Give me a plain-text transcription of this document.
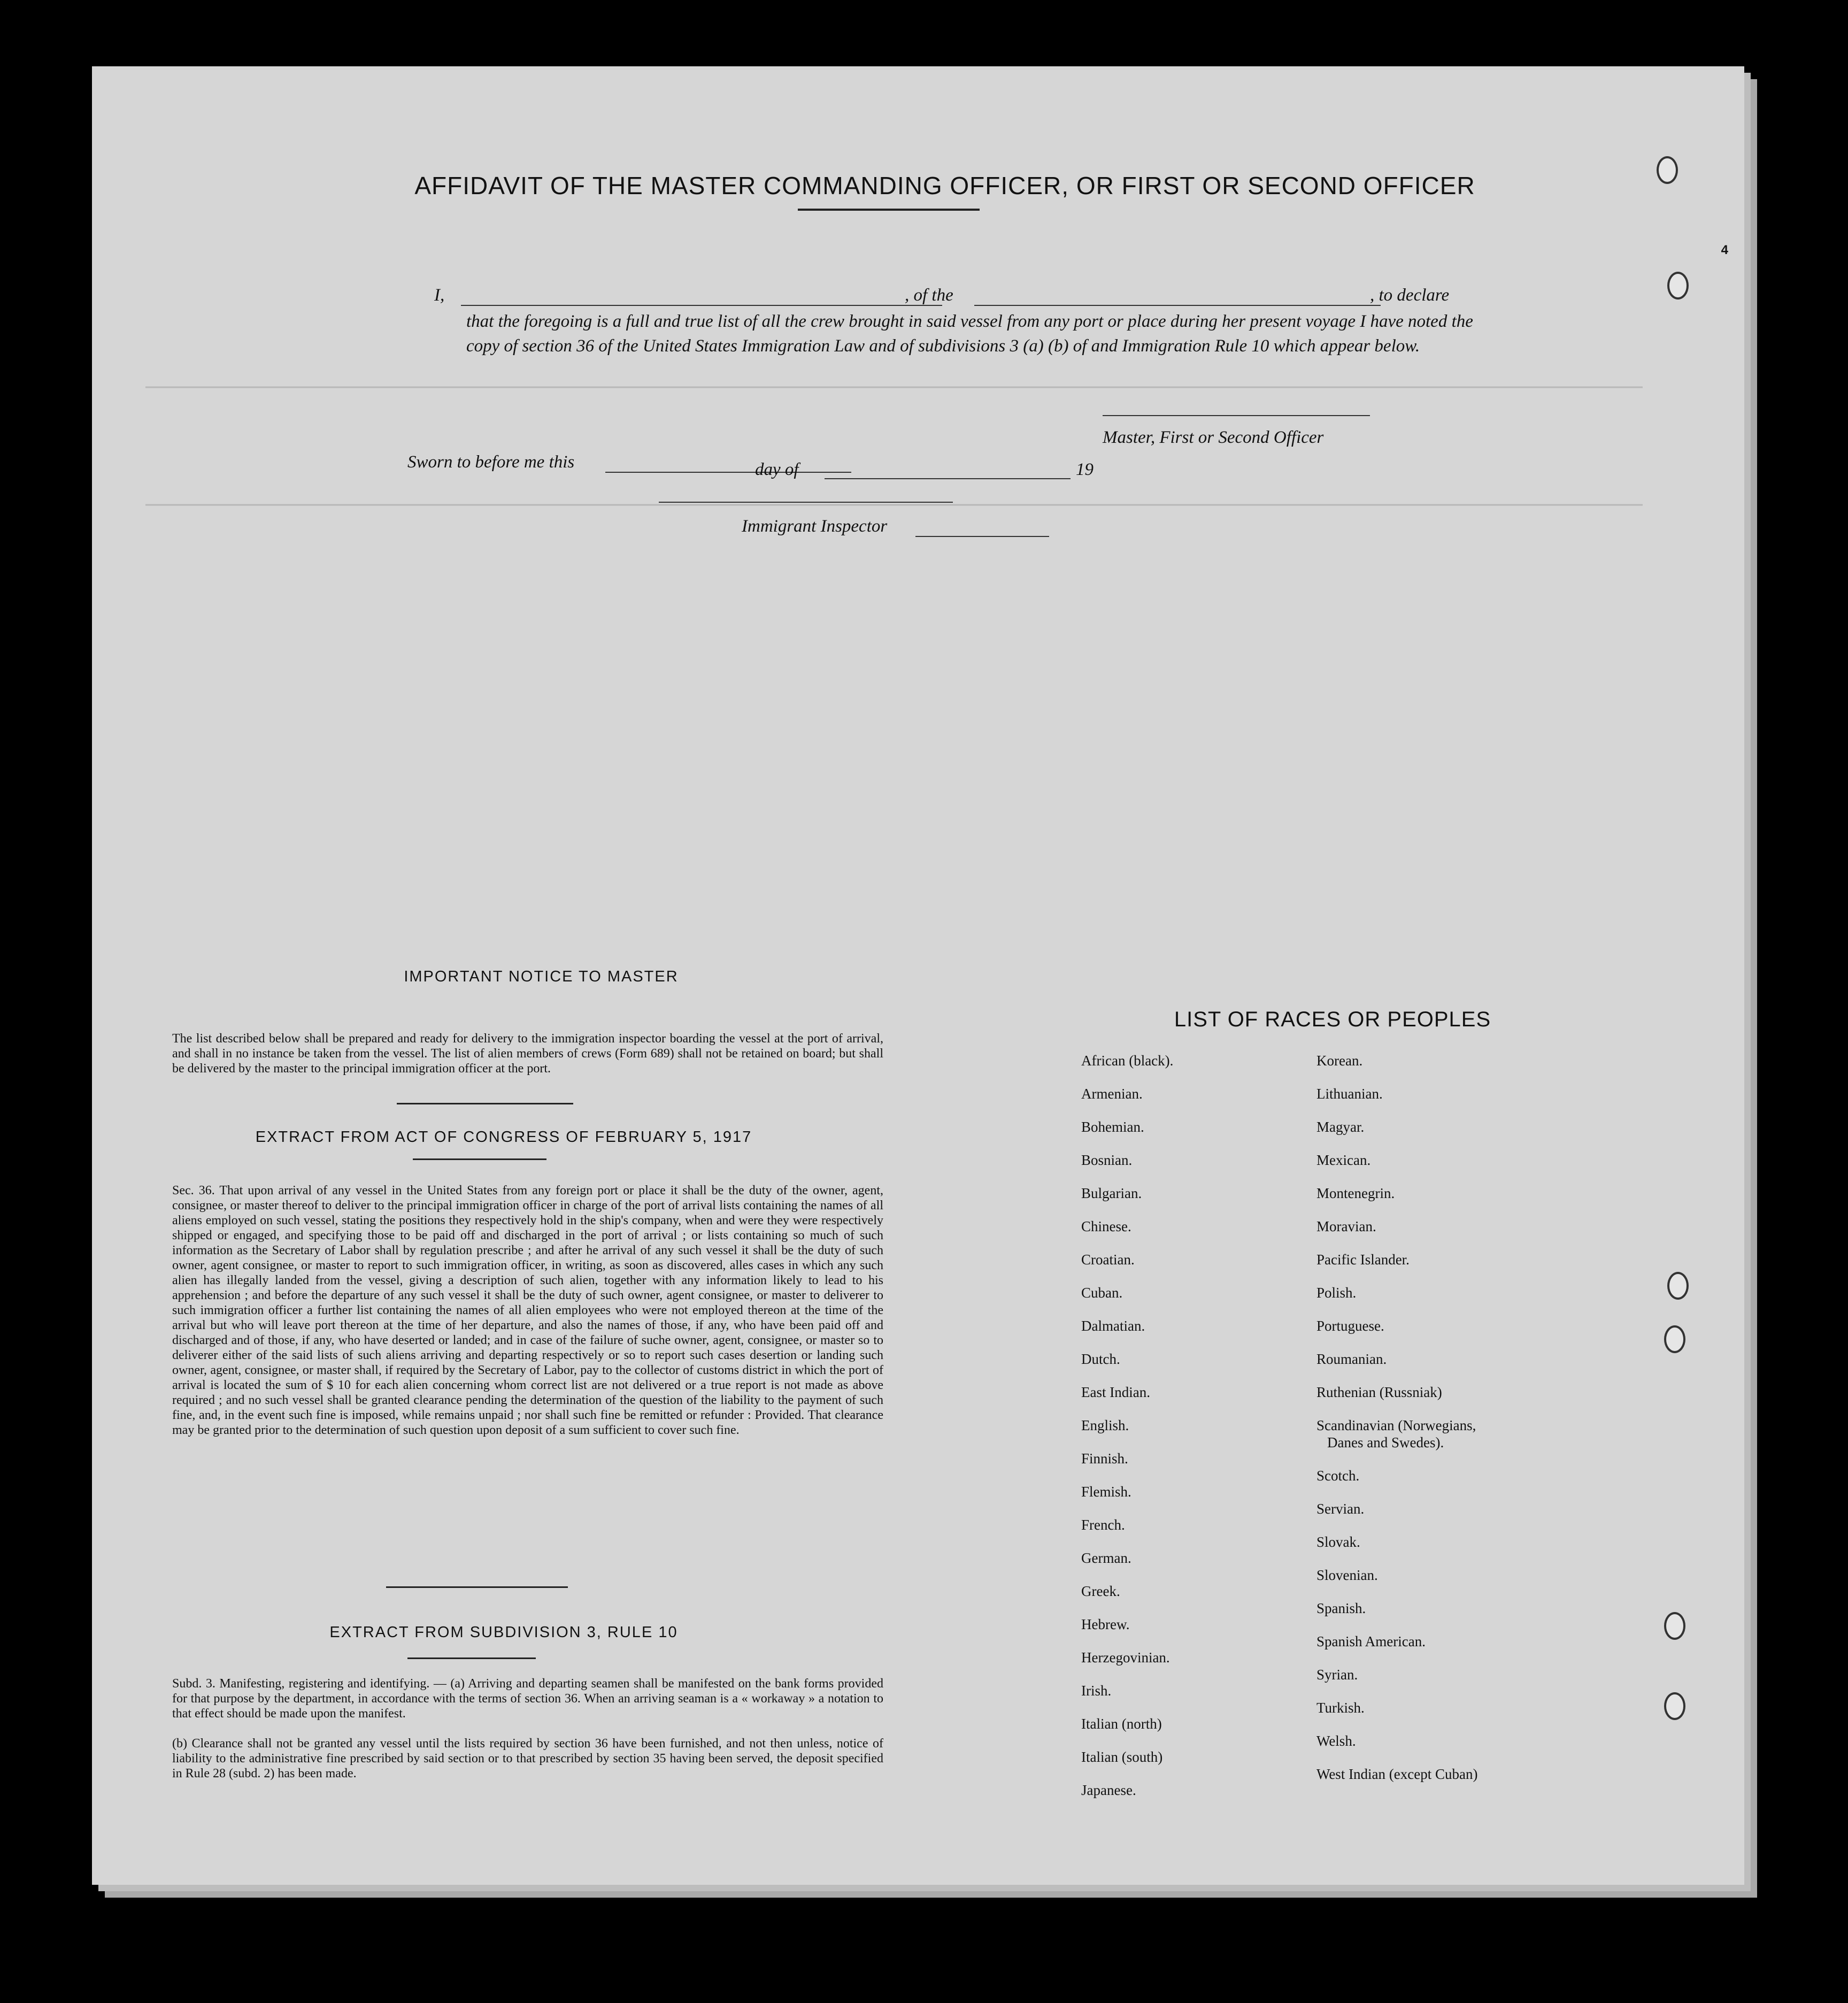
AFFIDAVIT OF THE MASTER COMMANDING OFFICER, OR FIRST OR SECOND OFFICER
I,	, of the	, to declare
that the foregoing is a full and true list of all the crew brought in said vessel from any port or place during her present voyage I have noted the copy of section 36 of the United States Immigration Law and of subdivisions 3 (a) (b) of and Immigration Rule 10 which appear below.
Master, First or Second Officer
Sworn to before me this	day of	19
Immigrant Inspector
IMPORTANT NOTICE TO MASTER
The list described below shall be prepared and ready for delivery to the immigration inspector boarding the vessel at the port of arrival, and shall in no instance be taken from the vessel. The list of alien members of crews (Form 689) shall not be retained on board; but shall be delivered by the master to the principal immigration officer at the port.
EXTRACT FROM ACT OF CONGRESS OF FEBRUARY 5, 1917
Sec. 36. That upon arrival of any vessel in the United States from any foreign port or place it shall be the duty of the owner, agent, consignee, or master thereof to deliver to the principal immigration officer in charge of the port of arrival lists containing the names of all aliens employed on such vessel, stating the positions they respectively hold in the ship's company, when and were they were respectively shipped or engaged, and specifying those to be paid off and discharged in the port of arrival ; or lists containing so much of such information as the Secretary of Labor shall by regulation prescribe ; and after he arrival of any such vessel it shall be the duty of such owner, agent consignee, or master to report to such immigration officer, in writing, as soon as discovered, alles cases in which any such alien has illegally landed from the vessel, giving a description of such alien, together with any information likely to lead to his apprehension ; and before the departure of any such vessel it shall be the duty of such owner, agent consignee, or master to deliverer to such immigration officer a further list containing the names of all alien employees who were not employed thereon at the time of the arrival but who will leave port thereon at the time of her departure, and also the names of those, if any, who have been paid off and discharged and of those, if any, who have deserted or landed; and in case of the failure of suche owner, agent, consignee, or master so to deliverer either of the said lists of such aliens arriving and departing respectively or so to report such cases desertion or landing such owner, agent, consignee, or master shall, if required by the Secretary of Labor, pay to the collector of customs district in which the port of arrival is located the sum of $ 10 for each alien concerning whom correct list are not delivered or a true report is not made as above required ; and no such vessel shall be granted clearance pending the determination of the question of the liability to the payment of such fine, and, in the event such fine is imposed, while remains unpaid ; nor shall such fine be remitted or refunder : Provided. That clearance may be granted prior to the determination of such question upon deposit of a sum sufficient to cover such fine.
EXTRACT FROM SUBDIVISION 3, RULE 10
Subd. 3. Manifesting, registering and identifying. — (a) Arriving and departing seamen shall be manifested on the bank forms provided for that purpose by the department, in accordance with the terms of section 36. When an arriving seaman is a « workaway » a notation to that effect should be made upon the manifest.
(b) Clearance shall not be granted any vessel until the lists required by section 36 have been furnished, and not then unless, notice of liability to the administrative fine prescribed by said section or to that prescribed by section 35 having been served, the deposit specified in Rule 28 (subd. 2) has been made.
LIST OF RACES OR PEOPLES
African (black).
Armenian.
Bohemian.
Bosnian.
Bulgarian.
Chinese.
Croatian.
Cuban.
Dalmatian.
Dutch.
East Indian.
English.
Finnish.
Flemish.
French.
German.
Greek.
Hebrew.
Herzegovinian.
Irish.
Italian (north)
Italian (south)
Japanese.
Korean.
Lithuanian.
Magyar.
Mexican.
Montenegrin.
Moravian.
Pacific Islander.
Polish.
Portuguese.
Roumanian.
Ruthenian (Russniak)
Scandinavian (Norwegians,
Danes and Swedes).
Scotch.
Servian.
Slovak.
Slovenian.
Spanish.
Spanish American.
Syrian.
Turkish.
Welsh.
West Indian (except Cuban)
4
